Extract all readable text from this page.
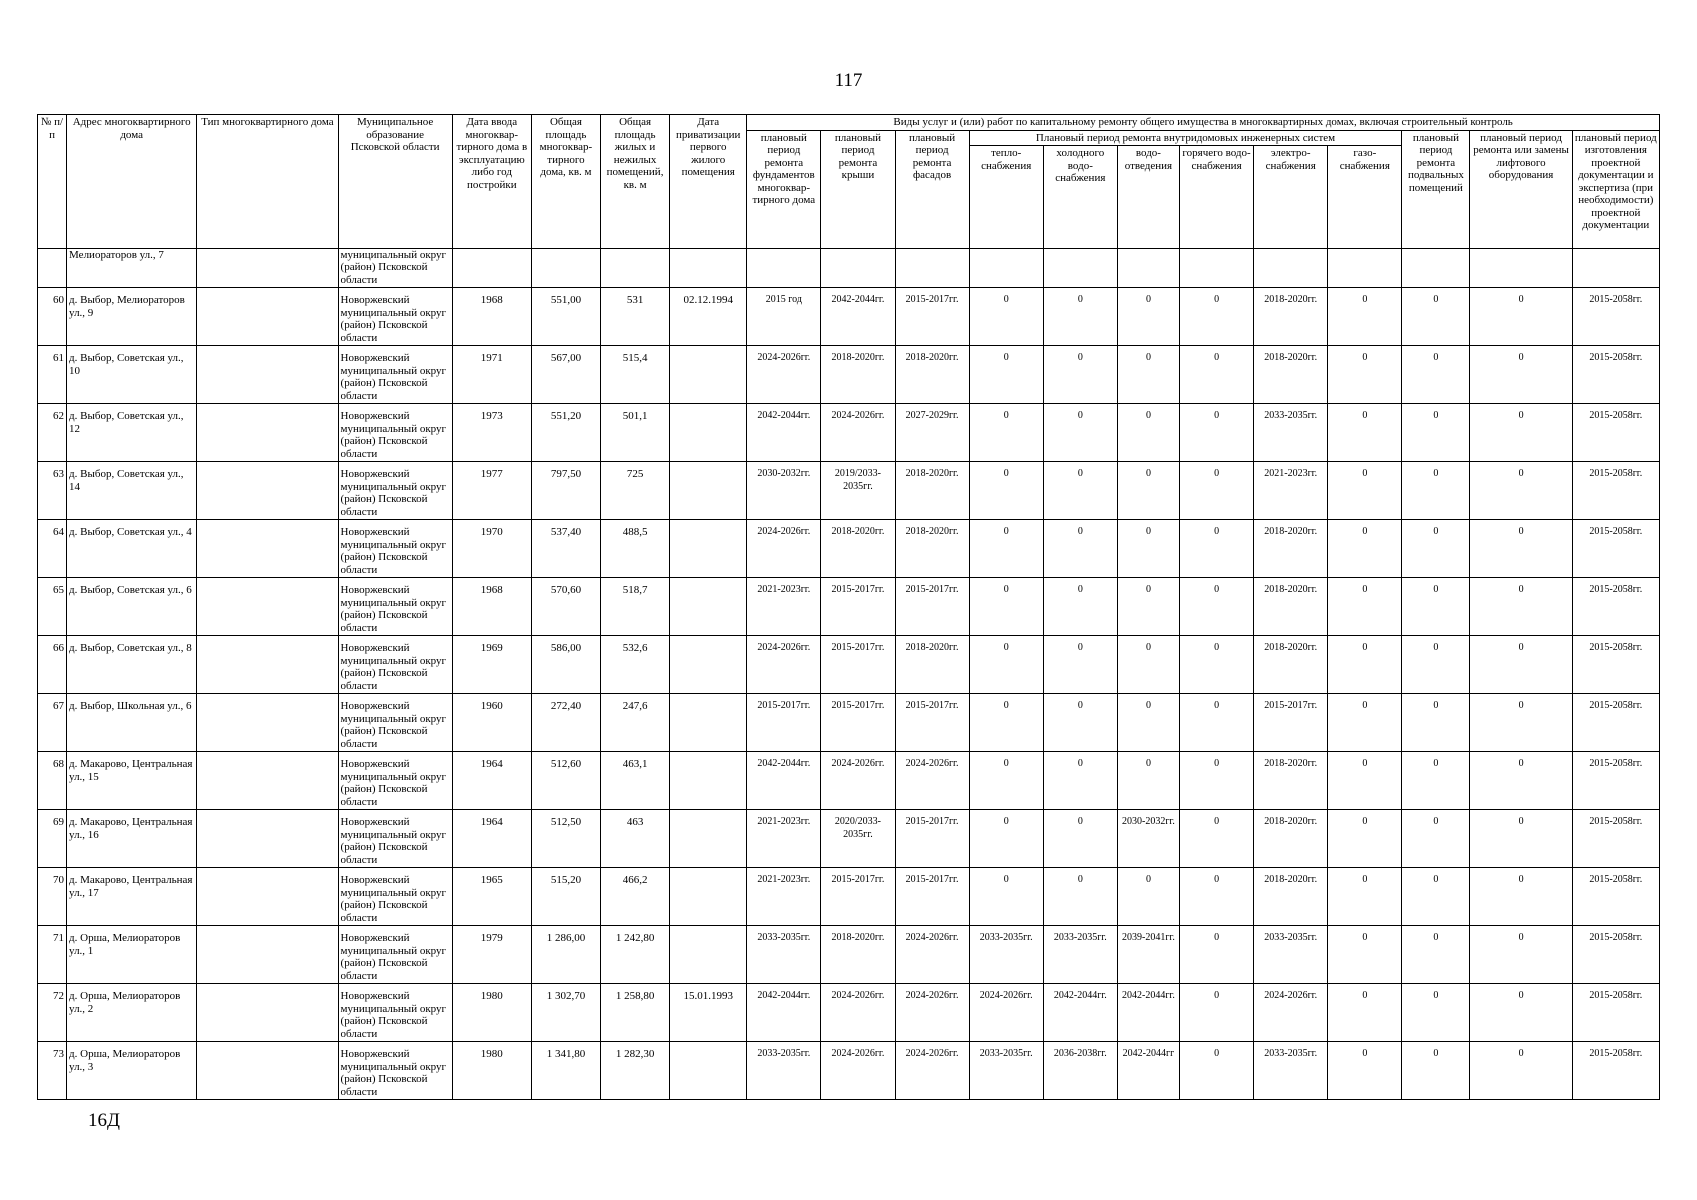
117
№ п/п	Адрес многоквартирного дома	Тип многоквартирного дома	Муниципальное образование Псковской области	Дата ввода многоквар-тирного дома в эксплуатацию либо год постройки	Общая площадь многоквар-тирного дома, кв. м	Общая площадь жилых и нежилых помещений, кв. м	Дата приватизации первого жилого помещения	Виды услуг и (или) работ по капитальному ремонту общего имущества в многоквартирных домах, включая строительный контроль											
								плановый период ремонта фундаментов многоквар-тирного дома	плановый период ремонта крыши	плановый период ремонта фасадов	Плановый период ремонта внутридомовых инженерных систем						плановый период ремонта подвальных помещений	плановый период ремонта или замены лифтового оборудования	плановый период изготовления проектной документации и экспертиза (при необходимости) проектной документации
											тепло-снабжения	холодного водо-снабжения	водо-отведения	горячего водо-снабжения	электро-снабжения	газо-снабжения			
	Мелиораторов ул., 7		муниципальный округ (район) Псковской области																
60	д. Выбор, Мелиораторов ул., 9		Новоржевский муниципальный округ (район) Псковской области	1968	551,00	531	02.12.1994	2015 год	2042-2044гг.	2015-2017гг.	0	0	0	0	2018-2020гг.	0	0	0	2015-2058гг.
61	д. Выбор, Советская ул., 10		Новоржевский муниципальный округ (район) Псковской области	1971	567,00	515,4		2024-2026гг.	2018-2020гг.	2018-2020гг.	0	0	0	0	2018-2020гг.	0	0	0	2015-2058гг.
62	д. Выбор, Советская ул., 12		Новоржевский муниципальный округ (район) Псковской области	1973	551,20	501,1		2042-2044гг.	2024-2026гг.	2027-2029гг.	0	0	0	0	2033-2035гг.	0	0	0	2015-2058гг.
63	д. Выбор, Советская ул., 14		Новоржевский муниципальный округ (район) Псковской области	1977	797,50	725		2030-2032гг.	2019/2033-2035гг.	2018-2020гг.	0	0	0	0	2021-2023гг.	0	0	0	2015-2058гг.
64	д. Выбор, Советская ул., 4		Новоржевский муниципальный округ (район) Псковской области	1970	537,40	488,5		2024-2026гг.	2018-2020гг.	2018-2020гг.	0	0	0	0	2018-2020гг.	0	0	0	2015-2058гг.
65	д. Выбор, Советская ул., 6		Новоржевский муниципальный округ (район) Псковской области	1968	570,60	518,7		2021-2023гг.	2015-2017гг.	2015-2017гг.	0	0	0	0	2018-2020гг.	0	0	0	2015-2058гг.
66	д. Выбор, Советская ул., 8		Новоржевский муниципальный округ (район) Псковской области	1969	586,00	532,6		2024-2026гг.	2015-2017гг.	2018-2020гг.	0	0	0	0	2018-2020гг.	0	0	0	2015-2058гг.
67	д. Выбор, Школьная ул., 6		Новоржевский муниципальный округ (район) Псковской области	1960	272,40	247,6		2015-2017гг.	2015-2017гг.	2015-2017гг.	0	0	0	0	2015-2017гг.	0	0	0	2015-2058гг.
68	д. Макарово, Центральная ул., 15		Новоржевский муниципальный округ (район) Псковской области	1964	512,60	463,1		2042-2044гг.	2024-2026гг.	2024-2026гг.	0	0	0	0	2018-2020гг.	0	0	0	2015-2058гг.
69	д. Макарово, Центральная ул., 16		Новоржевский муниципальный округ (район) Псковской области	1964	512,50	463		2021-2023гг.	2020/2033-2035гг.	2015-2017гг.	0	0	2030-2032гг.	0	2018-2020гг.	0	0	0	2015-2058гг.
70	д. Макарово, Центральная ул., 17		Новоржевский муниципальный округ (район) Псковской области	1965	515,20	466,2		2021-2023гг.	2015-2017гг.	2015-2017гг.	0	0	0	0	2018-2020гг.	0	0	0	2015-2058гг.
71	д. Орша, Мелиораторов ул., 1		Новоржевский муниципальный округ (район) Псковской области	1979	1 286,00	1 242,80		2033-2035гг.	2018-2020гг.	2024-2026гг.	2033-2035гг.	2033-2035гг.	2039-2041гг.	0	2033-2035гг.	0	0	0	2015-2058гг.
72	д. Орша, Мелиораторов ул., 2		Новоржевский муниципальный округ (район) Псковской области	1980	1 302,70	1 258,80	15.01.1993	2042-2044гг.	2024-2026гг.	2024-2026гг.	2024-2026гг.	2042-2044гг.	2042-2044гг.	0	2024-2026гг.	0	0	0	2015-2058гг.
73	д. Орша, Мелиораторов ул., 3		Новоржевский муниципальный округ (район) Псковской области	1980	1 341,80	1 282,30		2033-2035гг.	2024-2026гг.	2024-2026гг.	2033-2035гг.	2036-2038гг.	2042-2044гг	0	2033-2035гг.	0	0	0	2015-2058гг.
16Д
